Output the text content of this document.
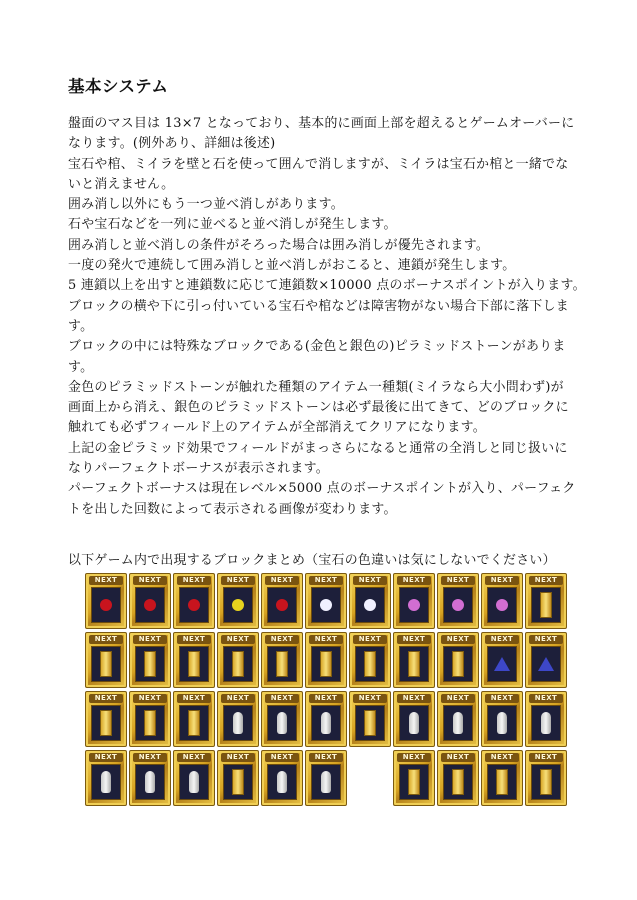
基本システム

盤面のマス目は 13×7 となっており、基本的に画面上部を超えるとゲームオーバーに

なります。(例外あり、詳細は後述)

宝石や棺、ミイラを壁と石を使って囲んで消しますが、ミイラは宝石か棺と一緒でな

いと消えません。

囲み消し以外にもう一つ並べ消しがあります。

石や宝石などを一列に並べると並べ消しが発生します。

囲み消しと並べ消しの条件がそろった場合は囲み消しが優先されます。

一度の発火で連続して囲み消しと並べ消しがおこると、連鎖が発生します。

5 連鎖以上を出すと連鎖数に応じて連鎖数×10000 点のボーナスポイントが入ります。

ブロックの横や下に引っ付いている宝石や棺などは障害物がない場合下部に落下しま

す。

ブロックの中には特殊なブロックである(金色と銀色の)ピラミッドストーンがありま

す。

金色のピラミッドストーンが触れた種類のアイテム一種類(ミイラなら大小問わず)が

画面上から消え、銀色のピラミッドストーンは必ず最後に出てきて、どのブロックに

触れても必ずフィールド上のアイテムが全部消えてクリアになります。

上記の金ピラミッド効果でフィールドがまっさらになると通常の全消しと同じ扱いに

なりパーフェクトボーナスが表示されます。

パーフェクトボーナスは現在レベル×5000 点のボーナスポイントが入り、パーフェク

トを出した回数によって表示される画像が変わります。

以下ゲーム内で出現するブロックまとめ（宝石の色違いは気にしないでください）

NEXT	NEXT	NEXT	NEXT	NEXT	NEXT	NEXT	NEXT	NEXT	NEXT	NEXT
NEXT	NEXT	NEXT	NEXT	NEXT	NEXT	NEXT	NEXT	NEXT	NEXT	NEXT
NEXT	NEXT	NEXT	NEXT	NEXT	NEXT	NEXT	NEXT	NEXT	NEXT	NEXT
NEXT	NEXT	NEXT	NEXT	NEXT	NEXT	NEXT	NEXT	NEXT	NEXT
